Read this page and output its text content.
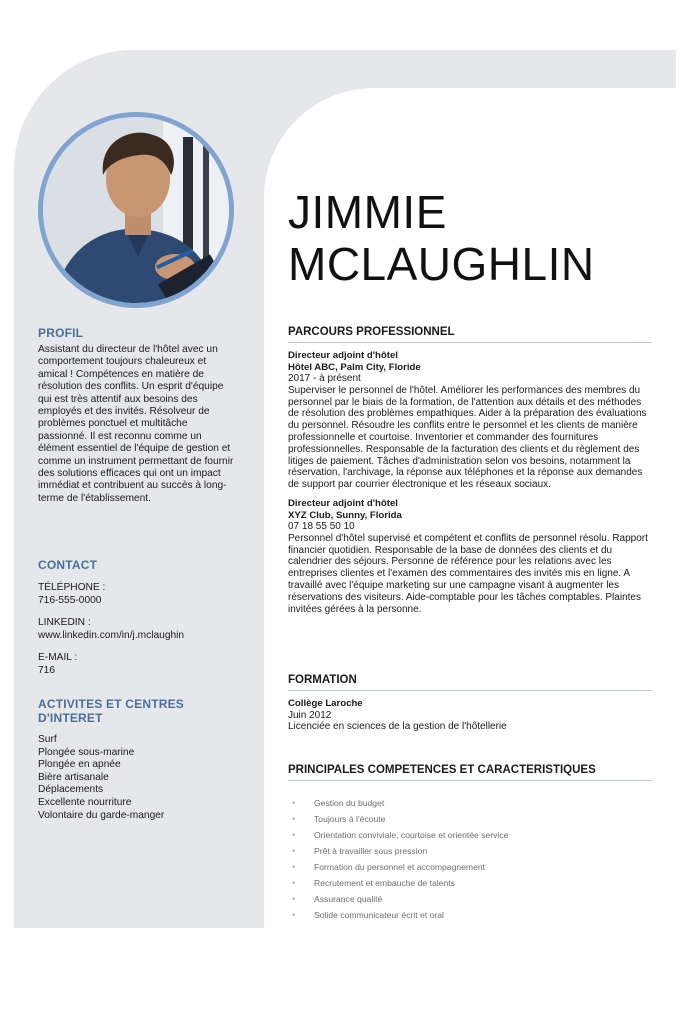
PROFIL
Assistant du directeur de l'hôtel avec un comportement toujours chaleureux et amical ! Compétences en matière de résolution des conflits. Un esprit d'équipe qui est très attentif aux besoins des employés et des invités. Résolveur de problèmes ponctuel et multitâche passionné. Il est reconnu comme un élément essentiel de l'équipe de gestion et comme un instrument permettant de fournir des solutions efficaces qui ont un impact immédiat et contribuent au succès à long-terme de l'établissement.
CONTACT
TÉLÉPHONE :
716-555-0000
LINKEDIN :
www.linkedin.com/in/j.mclaughin
E-MAIL :
716
ACTIVITES ET CENTRES D'INTERET
Surf
Plongée sous-marine
Plongée en apnée
Bière artisanale
Déplacements
Excellente nourriture
Volontaire du garde-manger
JIMMIE
MCLAUGHLIN
PARCOURS PROFESSIONNEL
Directeur adjoint d'hôtel
Hôtel ABC, Palm City, Floride
2017 - à présent
Superviser le personnel de l'hôtel. Améliorer les performances des membres du personnel par le biais de la formation, de l'attention aux détails et des méthodes de résolution des problèmes empathiques. Aider à la préparation des évaluations du personnel. Résoudre les conflits entre le personnel et les clients de manière professionnelle et courtoise. Inventorier et commander des fournitures professionnelles. Responsable de la facturation des clients et du règlement des litiges de paiement. Tâches d'administration selon vos besoins, notamment la réservation, l'archivage, la réponse aux téléphones et la réponse aux demandes de support par courrier électronique et les réseaux sociaux.
Directeur adjoint d'hôtel
XYZ Club, Sunny, Florida
07 18 55 50 10
Personnel d'hôtel supervisé et compétent et conflits de personnel résolu. Rapport financier quotidien. Responsable de la base de données des clients et du calendrier des séjours. Personne de référence pour les relations avec les entreprises clientes et l'examen des commentaires des invités mis en ligne. A travaillé avec l'équipe marketing sur une campagne visant à augmenter les réservations des visiteurs. Aide-comptable pour les tâches comptables. Plaintes invitées gérées à la personne.
FORMATION
Collège Laroche
Juin 2012
Licenciée en sciences de la gestion de l'hôtellerie
PRINCIPALES COMPETENCES ET CARACTERISTIQUES
• Gestion du budget
• Toujours à l'écoute
• Orientation conviviale, courtoise et orientée service
• Prêt à travailler sous pression
• Formation du personnel et accompagnement
• Recrutement et embauche de talents
• Assurance qualité
• Solide communicateur écrit et oral
